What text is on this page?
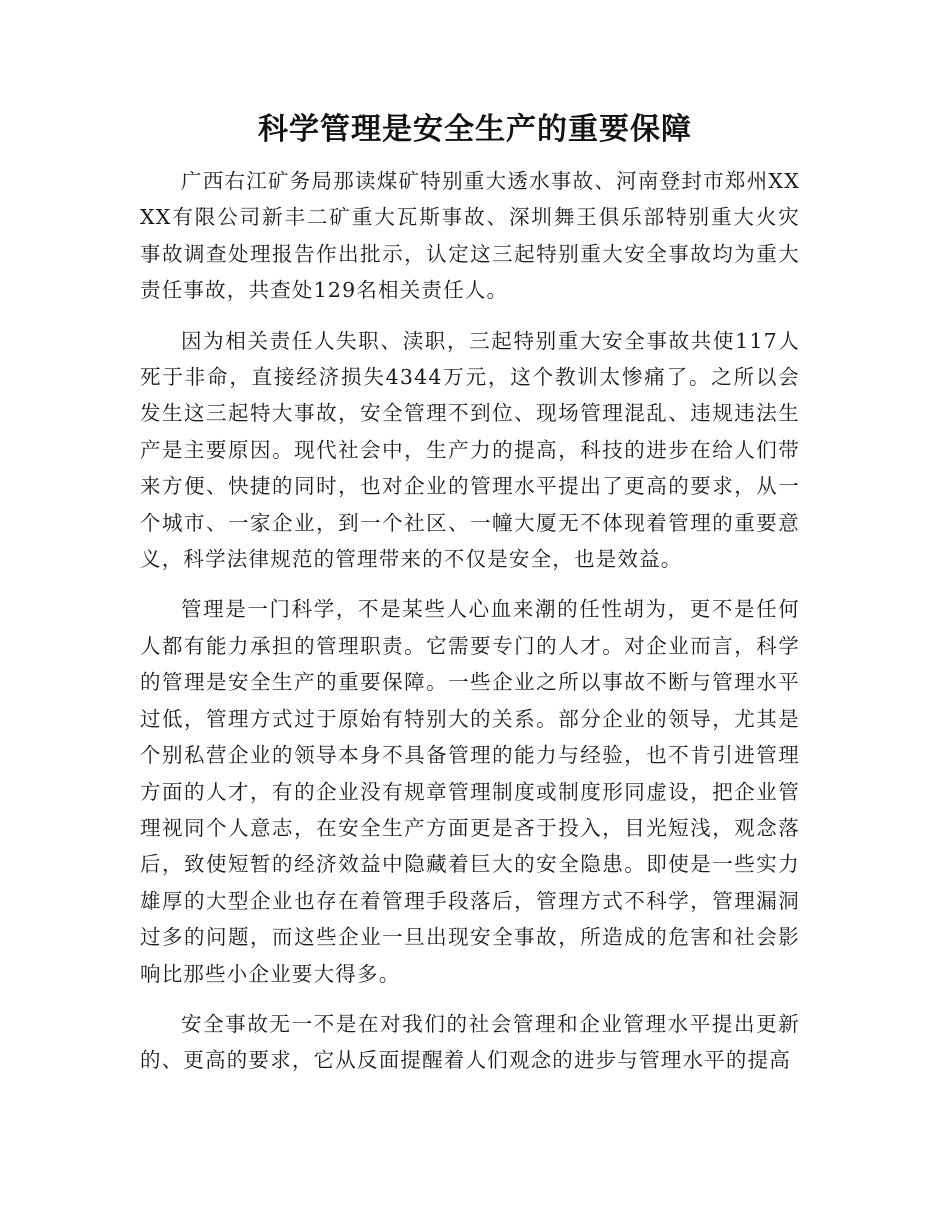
科学管理是安全生产的重要保障

广西右江矿务局那读煤矿特别重大透水事故、河南登封市郑州XXXX有限公司新丰二矿重大瓦斯事故、深圳舞王俱乐部特别重大火灾事故调查处理报告作出批示，认定这三起特别重大安全事故均为重大责任事故，共查处129名相关责任人。

因为相关责任人失职、渎职，三起特别重大安全事故共使117人死于非命，直接经济损失4344万元，这个教训太惨痛了。之所以会发生这三起特大事故，安全管理不到位、现场管理混乱、违规违法生产是主要原因。现代社会中，生产力的提高，科技的进步在给人们带来方便、快捷的同时，也对企业的管理水平提出了更高的要求，从一个城市、一家企业，到一个社区、一幢大厦无不体现着管理的重要意义，科学法律规范的管理带来的不仅是安全，也是效益。

管理是一门科学，不是某些人心血来潮的任性胡为，更不是任何人都有能力承担的管理职责。它需要专门的人才。对企业而言，科学的管理是安全生产的重要保障。一些企业之所以事故不断与管理水平过低，管理方式过于原始有特别大的关系。部分企业的领导，尤其是个别私营企业的领导本身不具备管理的能力与经验，也不肯引进管理方面的人才，有的企业没有规章管理制度或制度形同虚设，把企业管理视同个人意志，在安全生产方面更是吝于投入，目光短浅，观念落后，致使短暂的经济效益中隐藏着巨大的安全隐患。即使是一些实力雄厚的大型企业也存在着管理手段落后，管理方式不科学，管理漏洞过多的问题，而这些企业一旦出现安全事故，所造成的危害和社会影响比那些小企业要大得多。

安全事故无一不是在对我们的社会管理和企业管理水平提出更新的、更高的要求，它从反面提醒着人们观念的进步与管理水平的提高
